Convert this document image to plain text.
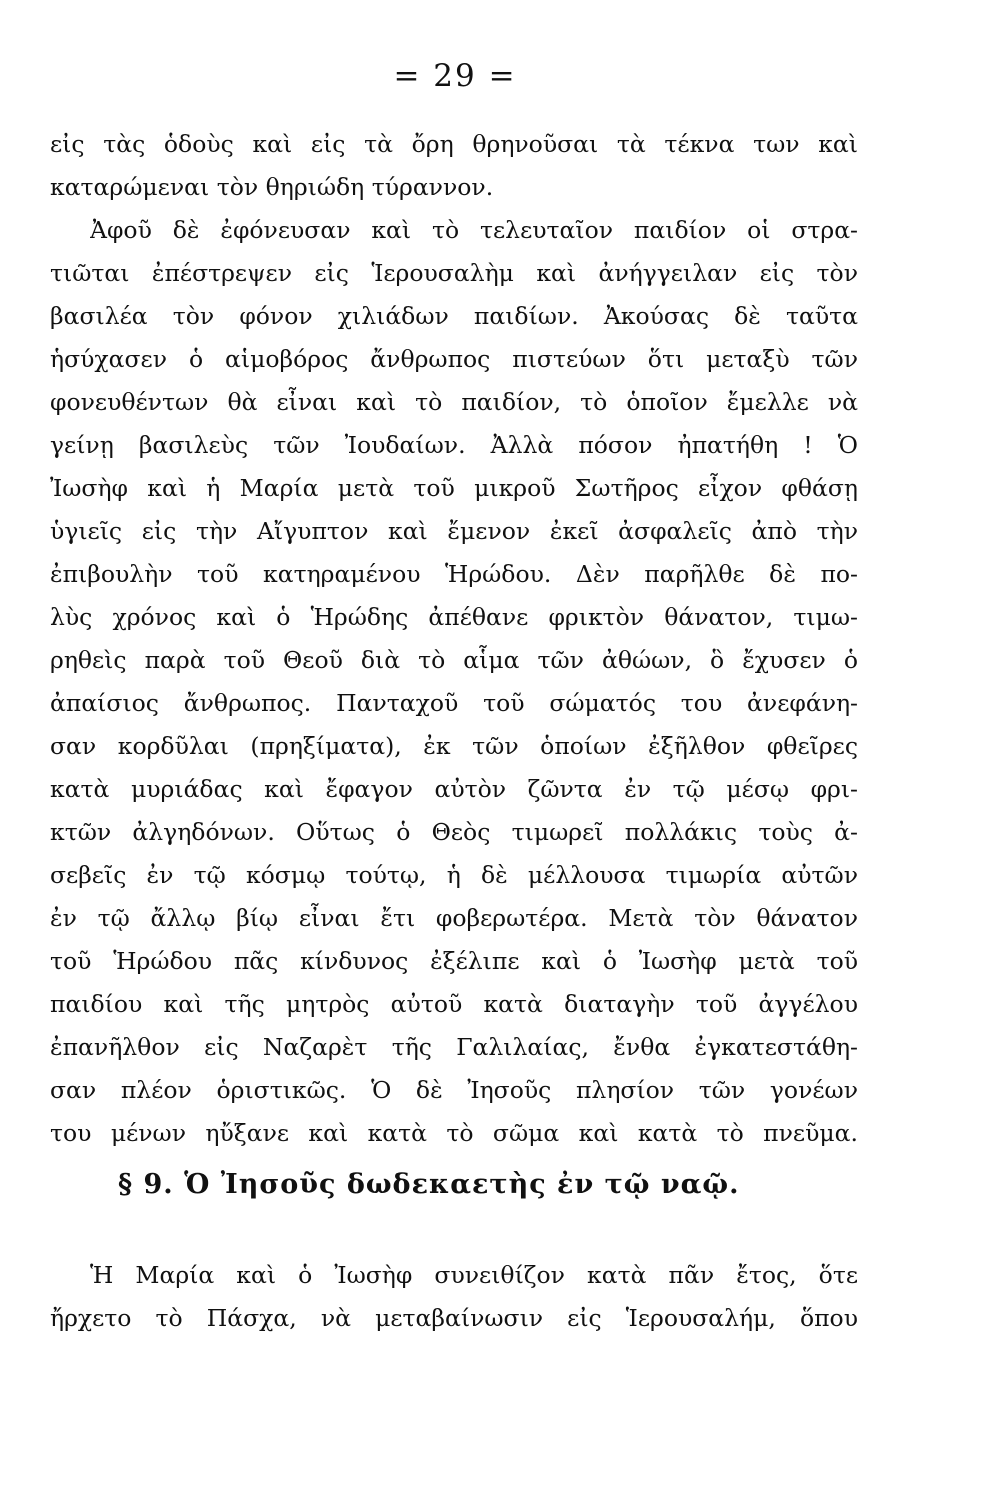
= 29 =
εἰς τὰς ὁδοὺς καὶ εἰς τὰ ὄρη θρηνοῦσαι τὰ τέκνα των καὶ
καταρώμεναι τὸν θηριώδη τύραννον.
Ἀφοῦ δὲ ἐφόνευσαν καὶ τὸ τελευταῖον παιδίον οἱ στρα-
τιῶται ἐπέστρεψεν εἰς Ἱερουσαλὴμ καὶ ἀνήγγειλαν εἰς τὸν
βασιλέα τὸν φόνον χιλιάδων παιδίων. Ἀκούσας δὲ ταῦτα
ἡσύχασεν ὁ αἱμοβόρος ἄνθρωπος πιστεύων ὅτι μεταξὺ τῶν
φονευθέντων θὰ εἶναι καὶ τὸ παιδίον, τὸ ὁποῖον ἔμελλε νὰ
γείνῃ βασιλεὺς τῶν Ἰουδαίων. Ἀλλὰ πόσον ἠπατήθη ! Ὁ
Ἰωσὴφ καὶ ἡ Μαρία μετὰ τοῦ μικροῦ Σωτῆρος εἶχον φθάσῃ
ὑγιεῖς εἰς τὴν Αἴγυπτον καὶ ἔμενον ἐκεῖ ἀσφαλεῖς ἀπὸ τὴν
ἐπιβουλὴν τοῦ κατηραμένου Ἡρώδου. Δὲν παρῆλθε δὲ πο-
λὺς χρόνος καὶ ὁ Ἡρώδης ἀπέθανε φρικτὸν θάνατον, τιμω-
ρηθεὶς παρὰ τοῦ Θεοῦ διὰ τὸ αἷμα τῶν ἀθώων, ὃ ἔχυσεν ὁ
ἀπαίσιος ἄνθρωπος. Πανταχοῦ τοῦ σώματός του ἀνεφάνη-
σαν κορδῦλαι (πρηξίματα), ἐκ τῶν ὁποίων ἐξῆλθον φθεῖρες
κατὰ μυριάδας καὶ ἔφαγον αὐτὸν ζῶντα ἐν τῷ μέσῳ φρι-
κτῶν ἀλγηδόνων. Οὕτως ὁ Θεὸς τιμωρεῖ πολλάκις τοὺς ἀ-
σεβεῖς ἐν τῷ κόσμῳ τούτῳ, ἡ δὲ μέλλουσα τιμωρία αὐτῶν
ἐν τῷ ἄλλῳ βίῳ εἶναι ἔτι φοβερωτέρα. Μετὰ τὸν θάνατον
τοῦ Ἡρώδου πᾶς κίνδυνος ἐξέλιπε καὶ ὁ Ἰωσὴφ μετὰ τοῦ
παιδίου καὶ τῆς μητρὸς αὐτοῦ κατὰ διαταγὴν τοῦ ἀγγέλου
ἐπανῆλθον εἰς Ναζαρὲτ τῆς Γαλιλαίας, ἔνθα ἐγκατεστάθη-
σαν πλέον ὁριστικῶς. Ὁ δὲ Ἰησοῦς πλησίον τῶν γονέων
του μένων ηὔξανε καὶ κατὰ τὸ σῶμα καὶ κατὰ τὸ πνεῦμα.
§ 9. Ὁ Ἰησοῦς δωδεκαετὴς ἐν τῷ ναῷ.
Ἡ Μαρία καὶ ὁ Ἰωσὴφ συνειθίζον κατὰ πᾶν ἔτος, ὅτε
ἤρχετο τὸ Πάσχα, νὰ μεταβαίνωσιν εἰς Ἱερουσαλήμ, ὅπου
